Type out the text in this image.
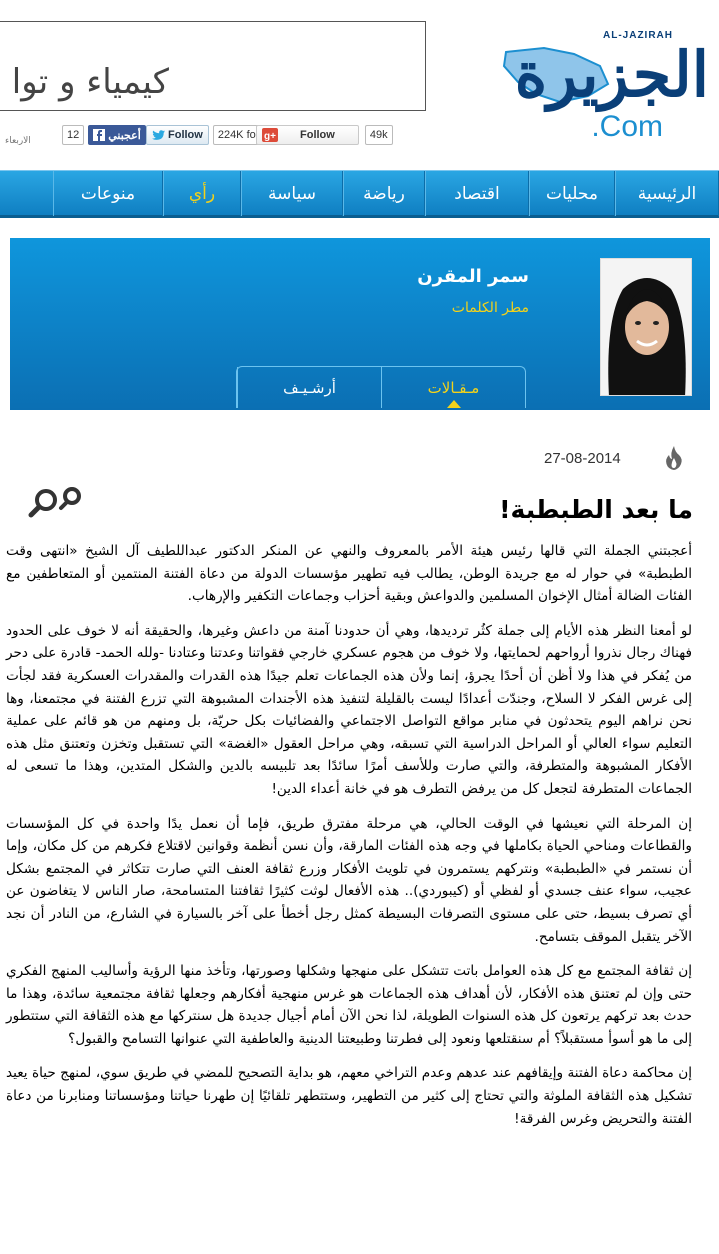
كيمياء و توا
AL-JAZIRAH
الجزيرة
.Com
12	أعجبني Follow	224K fo g+ Follow	49k
الاربعاء
الرئيسية
محليات
اقتصاد
رياضة
سياسة
رأي
منوعات
سمر المقرن
مطر الكلمات
مـقـالات
أرشـيـف
27-08-2014
ما بعد الطبطبة!

أعجبتني الجملة التي قالها رئيس هيئة الأمر بالمعروف والنهي عن المنكر الدكتور عبداللطيف آل الشيخ «انتهى وقت الطبطبة» في حوار له مع جريدة الوطن، يطالب فيه تطهير مؤسسات الدولة من دعاة الفتنة المنتمين أو المتعاطفين مع الفئات الضالة أمثال الإخوان المسلمين والدواعش وبقية أحزاب وجماعات التكفير والإرهاب.

لو أمعنا النظر هذه الأيام إلى جملة كثُر ترديدها، وهي أن حدودنا آمنة من داعش وغيرها، والحقيقة أنه لا خوف على الحدود فهناك رجال نذروا أرواحهم لحمايتها، ولا خوف من هجوم عسكري خارجي فقواتنا وعدتنا وعتادنا -ولله الحمد- قادرة على دحر من يُفكر في هذا ولا أظن أن أحدًا يجرؤ، إنما ولأن هذه الجماعات تعلم جيدًا هذه القدرات والمقدرات العسكرية فقد لجأت إلى غرس الفكر لا السلاح، وجندّت أعدادًا ليست بالقليلة لتنفيذ هذه الأجندات المشبوهة التي تزرع الفتنة في مجتمعنا، وها نحن نراهم اليوم يتحدثون في منابر مواقع التواصل الاجتماعي والفضائيات بكل حريّة، بل ومنهم من هو قائم على عملية التعليم سواء العالي أو المراحل الدراسية التي تسبقه، وهي مراحل العقول «الغضة» التي تستقبل وتخزن وتعتنق مثل هذه الأفكار المشبوهة والمتطرفة، والتي صارت وللأسف أمرًا سائدًا بعد تلبيسه بالدين والشكل المتدين، وهذا ما تسعى له الجماعات المتطرفة لتجعل كل من يرفض التطرف هو في خانة أعداء الدين!

إن المرحلة التي نعيشها في الوقت الحالي، هي مرحلة مفترق طريق، فإما أن نعمل يدًا واحدة في كل المؤسسات والقطاعات ومناحي الحياة بكاملها في وجه هذه الفئات المارقة، وأن نسن أنظمة وقوانين لاقتلاع فكرهم من كل مكان، وإما أن نستمر في «الطبطبة» ونتركهم يستمرون في تلويث الأفكار وزرع ثقافة العنف التي صارت تتكاثر في المجتمع بشكل عجيب، سواء عنف جسدي أو لفظي أو (كيبوردي).. هذه الأفعال لوثت كثيرًا ثقافتنا المتسامحة، صار الناس لا يتغاضون عن أي تصرف بسيط، حتى على مستوى التصرفات البسيطة كمثل رجل أخطأ على آخر بالسيارة في الشارع، من النادر أن نجد الآخر يتقبل الموقف بتسامح.

إن ثقافة المجتمع مع كل هذه العوامل باتت تتشكل على منهجها وشكلها وصورتها، وتأخذ منها الرؤية وأساليب المنهج الفكري حتى وإن لم تعتنق هذه الأفكار، لأن أهداف هذه الجماعات هو غرس منهجية أفكارهم وجعلها ثقافة مجتمعية سائدة، وهذا ما حدث بعد تركهم يرتعون كل هذه السنوات الطويلة، لذا نحن الآن أمام أجيال جديدة هل سنتركها مع هذه الثقافة التي ستتطور إلى ما هو أسوأ مستقبلاً؟ أم سنقتلعها ونعود إلى فطرتنا وطبيعتنا الدينية والعاطفية التي عنوانها التسامح والقبول؟

إن محاكمة دعاة الفتنة وإيقافهم عند عدهم وعدم التراخي معهم، هو بداية التصحيح للمضي في طريق سوي، لمنهج حياة يعيد تشكيل هذه الثقافة الملوثة والتي تحتاج إلى كثير من التطهير، وستتطهر تلقائيًا إن طهرنا حياتنا ومؤسساتنا ومنابرنا من دعاة الفتنة والتحريض وغرس الفرقة!
